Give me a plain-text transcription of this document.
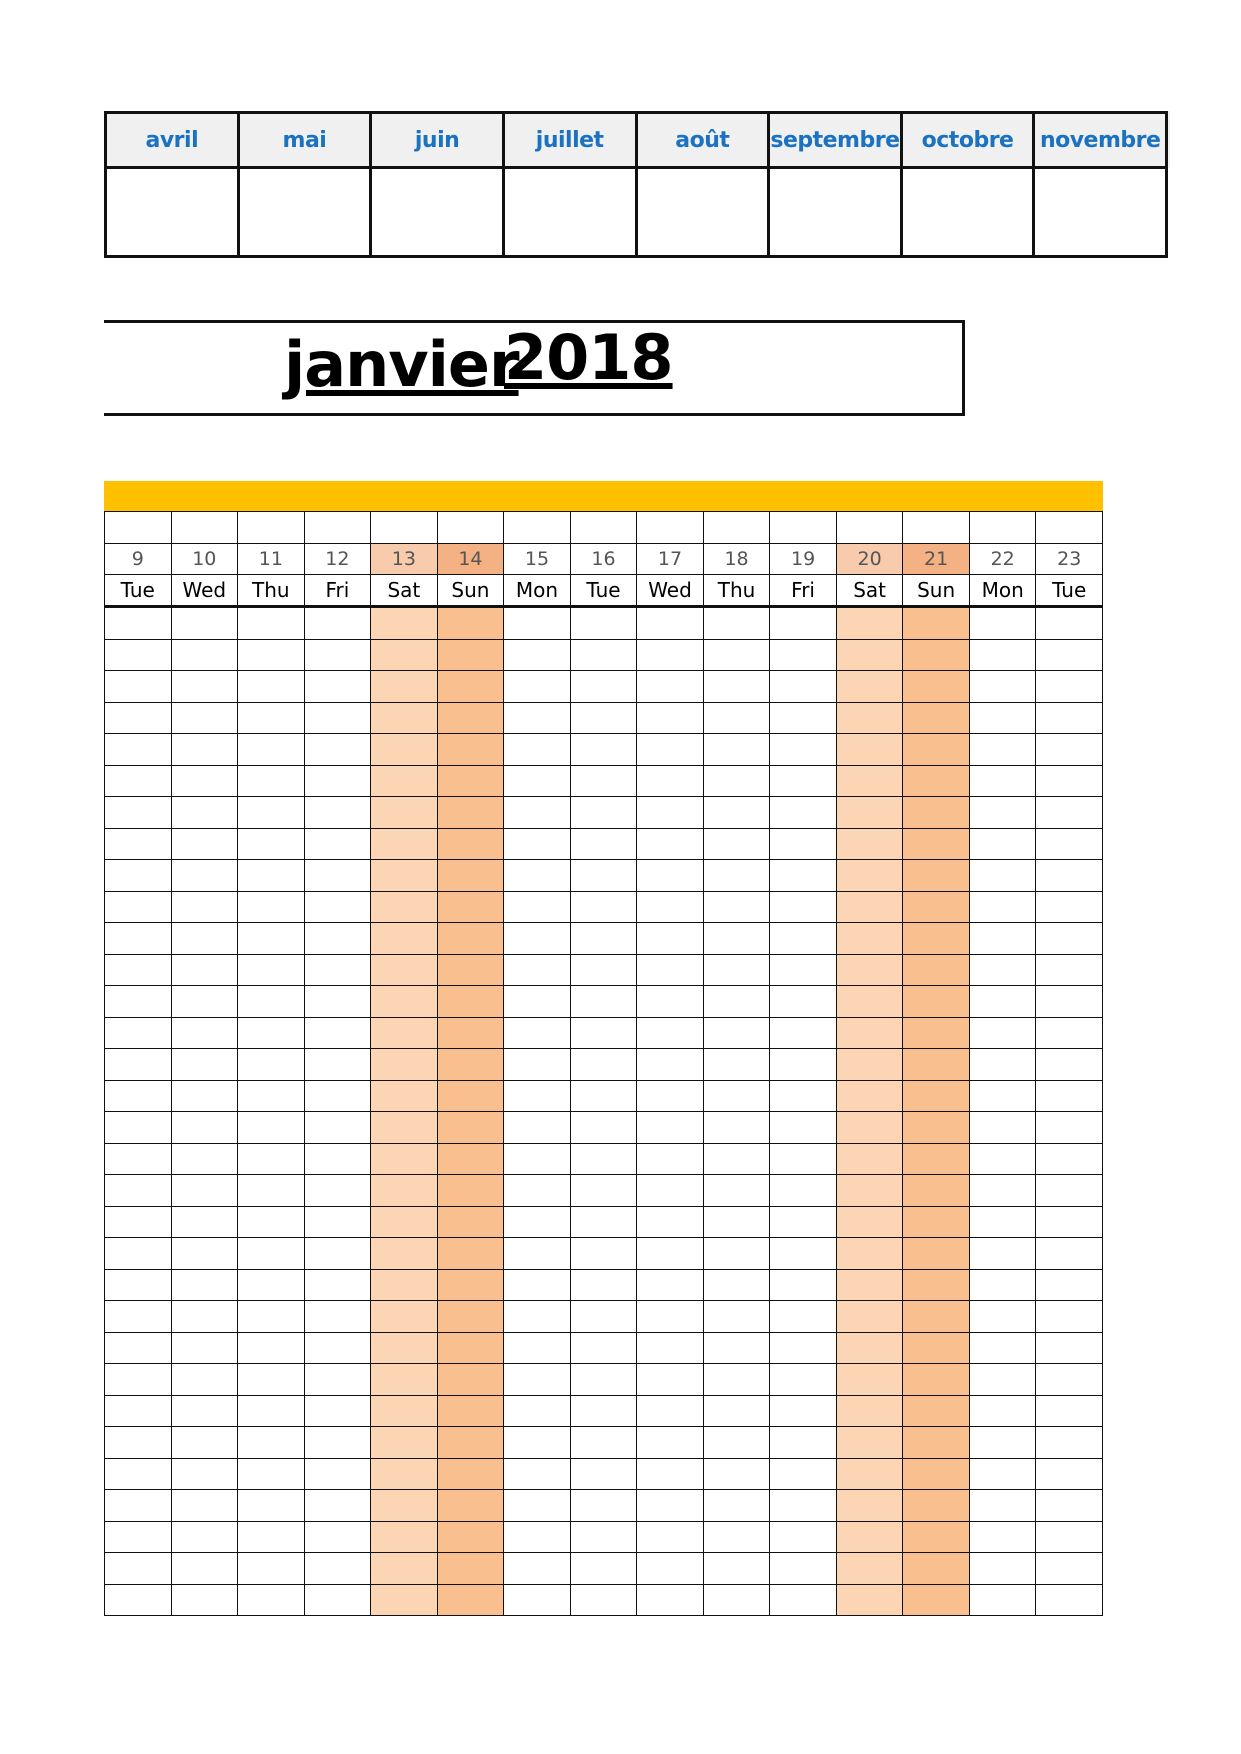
avril	mai	juin	juillet	août	septembre	octobre	novembre

janvier
2018

9	10	11	12	13	14	15	16	17	18	19	20	21	22	23
Tue	Wed	Thu	Fri	Sat	Sun	Mon	Tue	Wed	Thu	Fri	Sat	Sun	Mon	Tue
